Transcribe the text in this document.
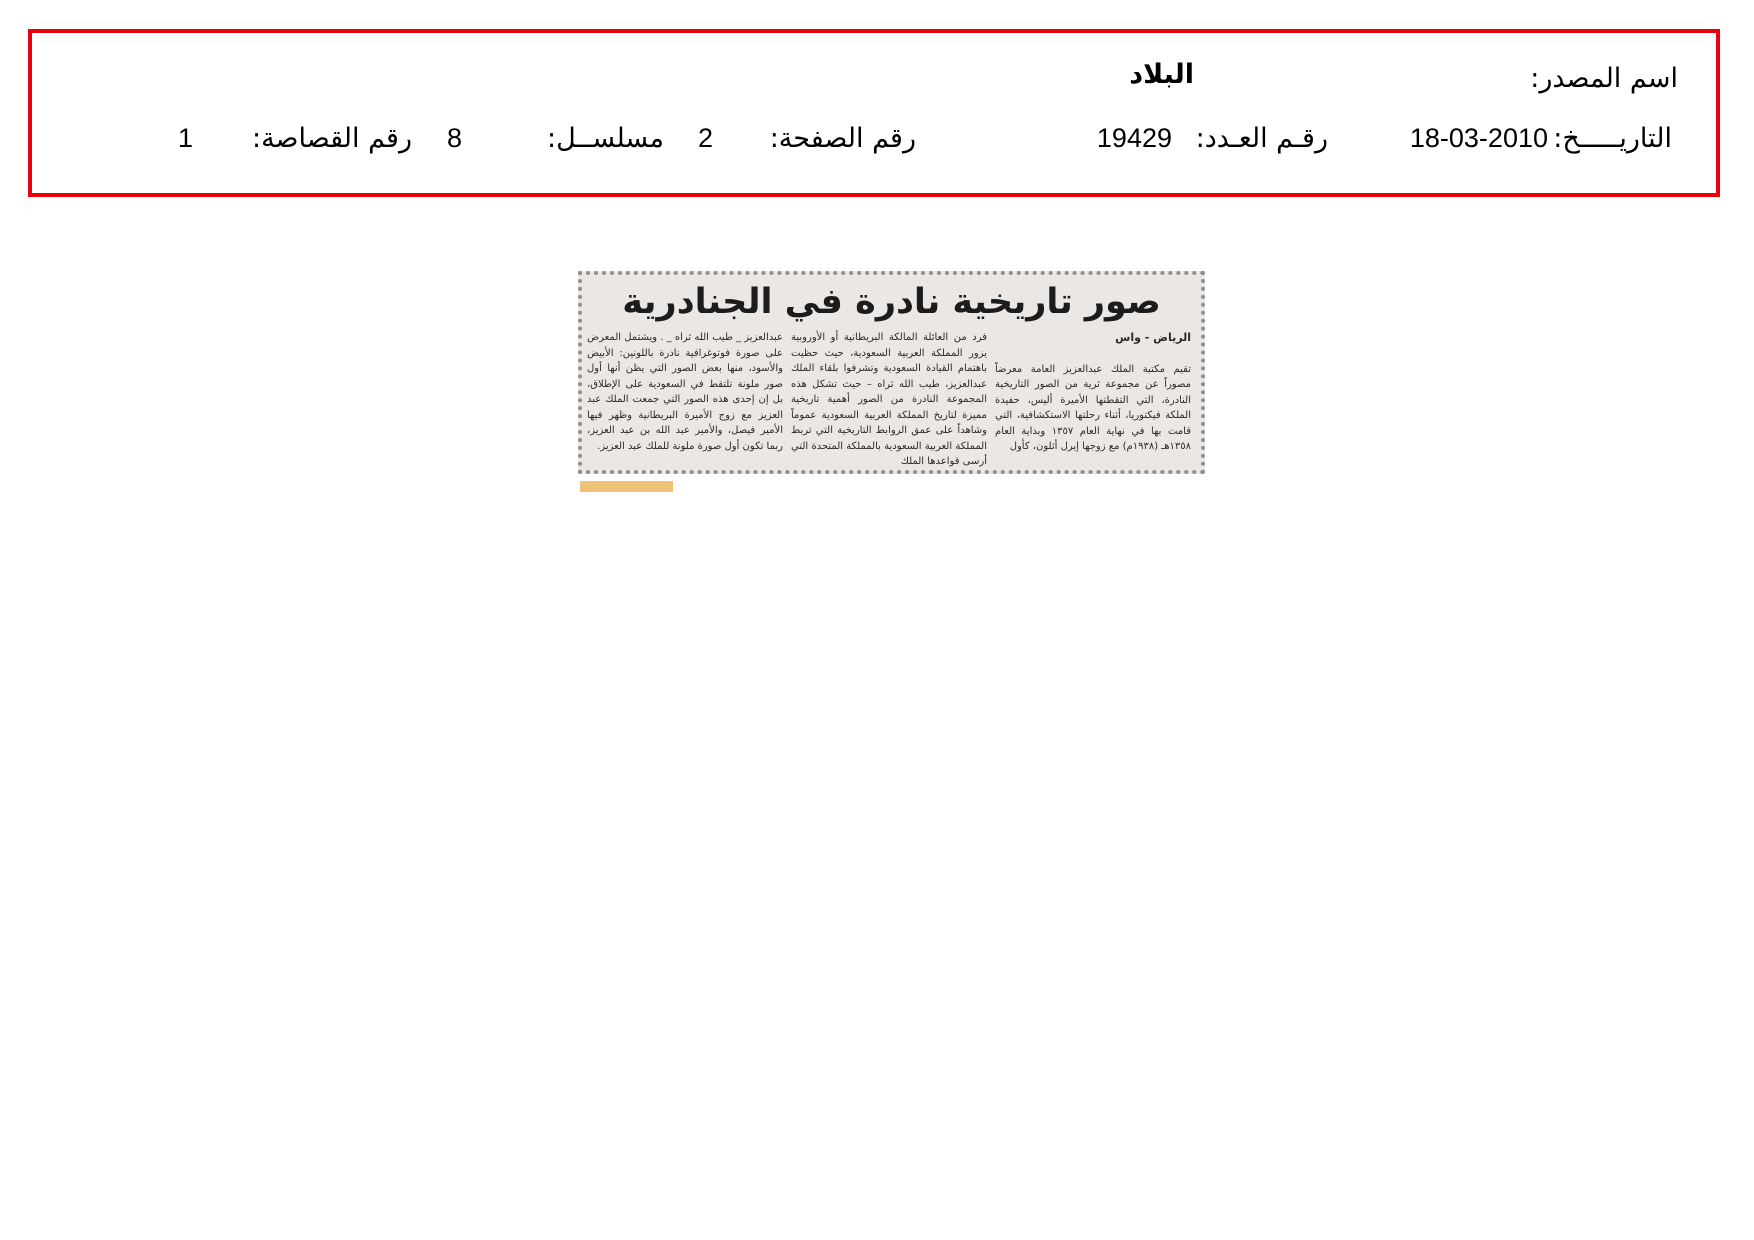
اسم المصدر:
البلاد
التاريـــــخ:
18-03-2010
رقـم العـدد:
19429
رقم الصفحة:
2
مسلســل:
8
رقم القصاصة:
1
صور تاريخية نادرة في الجنادرية

الرياض - واس

تقيم مكتبة الملك عبدالعزيز العامة معرضاً مصوراً عن مجموعة ثرية من الصور التاريخية النادرة، التي التقطتها الأميرة أليس، حفيدة الملكة فيكتوريا، أثناء رحلتها الاستكشافية، التي قامت بها في نهاية العام ١٣٥٧ وبداية العام ١٣٥٨هـ (١٩٣٨م) مع زوجها إيرل أثلون، كأول

فرد من العائلة المالكة البريطانية أو الأوروبية يزور المملكة العربية السعودية، حيث حظيت باهتمام القيادة السعودية وتشرفوا بلقاء الملك عبدالعزيز، طيب الله ثراه – حيث تشكل هذه المجموعة النادرة من الصور أهمية تاريخية مميزة لتاريخ المملكة العربية السعودية عموماً وشاهداً على عمق الروابط التاريخية التي تربط المملكة العربية السعودية بالمملكة المتحدة التي أرسى قواعدها الملك

عبدالعزيز _ طيب الله ثراه _ . ويشتمل المعرض على صورة فوتوغرافية نادرة باللونين: الأبيض والأسود، منها بعض الصور التي يظن أنها أول صور ملونة تلتقط في السعودية على الإطلاق، بل إن إحدى هذه الصور التي جمعت الملك عبد العزيز مع زوج الأميرة البريطانية وظهر فيها الأمير فيصل، والأمير عبد الله بن عبد العزيز، ربما تكون أول صورة ملونة للملك عبد العزيز.
